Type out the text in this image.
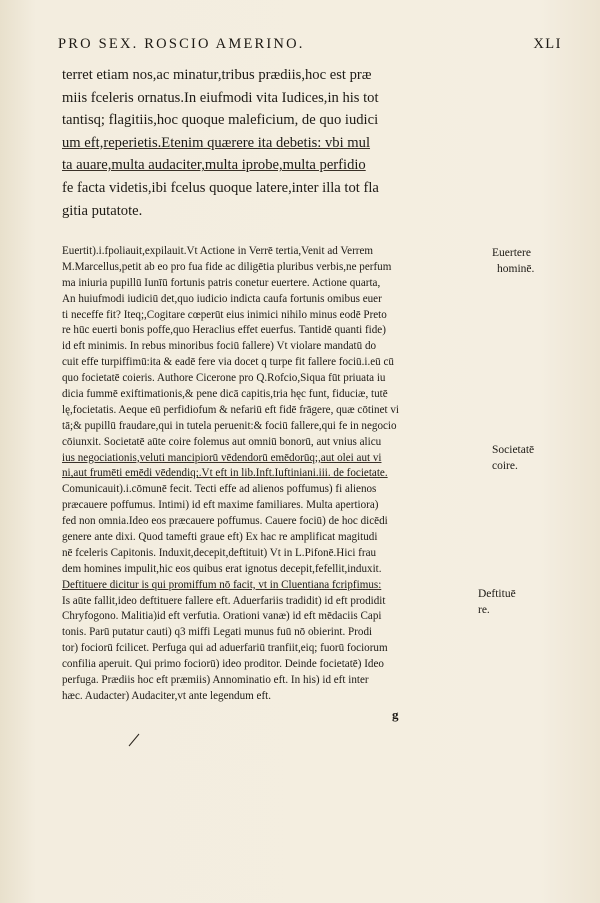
PRO SEX. ROSCIO AMERINO.	XLI
terret etiam nos,ac minatur,tribus prædiis,hoc est præ
miis fceleris ornatus.In eiufmodi vita Iudices,in his tot
tantisq; flagitiis,hoc quoque maleficium, de quo iudici
um eft,reperietis.Etenim quærere ita debetis: vbi mul
ta auare,multa audaciter,multa iprobe,multa perfidio
fe facta videtis,ibi fcelus quoque latere,inter illa tot fla
gitia putatote.
Euertit).i.fpoliauit,expilauit.Vt Actione in Verrē tertia,Venit ad Verrem
M.Marcellus,petit ab eo pro fua fide ac diligētia pluribus verbis,ne perfum
ma iniuria pupillū Iunīū fortunis patris conetur euertere. Actione quarta,
An huiufmodi iudiciū det,quo iudicio indicta caufa fortunis omibus euer
ti neceffe fit? Iteq;,Cogitare cœperūt eius inimici nihilo minus eodē Preto
re hūc euerti bonis poffe,quo Heraclius effet euerfus. Tantidē quanti fide)
id eft minimis. In rebus minoribus fociū fallere) Vt violare mandatū do
cuit effe turpiffimū:ita & eadē fere via docet q turpe fit fallere fociū.i.eū cū
quo focietatē coieris. Authore Cicerone pro Q.Rofcio,Siqua fūt priuata iu
dicia fummē exiftimationis,& pene dicā capitis,tria hęc funt, fiduciæ, tutē
lę,focietatis. Aeque eū perfidiofum & nefariū eft fidē frāgere, quæ cōtinet vi
tā;& pupillū fraudare,qui in tutela peruenit:& fociū fallere,qui fe in negocio
cōiunxit. Societatē aūte coire folemus aut omniū bonorū, aut vnius alicu
ius negociationis,veluti mancipiorū vēdendorū emēdorūq;,aut olei aut vi
ni,aut frumēti emēdi vēdendiq;.Vt eft in lib.Inft.Iuftiniani.iii. de focietate.
Comunicauit).i.cōmunē fecit. Tecti effe ad alienos poffumus) fi alienos
præcauere poffumus. Intimi) id eft maxime familiares. Multa apertiora)
fed non omnia.Ideo eos præcauere poffumus. Cauere fociū) de hoc dicēdi
genere ante dixi. Quod tamefti graue eft) Ex hac re amplificat magitudi
nē fceleris Capitonis. Induxit,decepit,deftituit) Vt in L.Pifonē.Hici frau
dem homines impulit,hic eos quibus erat ignotus decepit,fefellit,induxit.
Deftituere dicitur is qui promiffum nō facit, vt in Cluentiana fcripfimus:
Is aūte fallit,ideo deftituere fallere eft. Aduerfariis tradidit) id eft prodidit
Chryfogono. Malitia)id eft verfutia. Orationi vanæ) id eft mēdaciis Capi
tonis. Parū putatur cauti) q3 miffi Legati munus fuū nō obierint. Prodi
tor) fociorū fcilicet. Perfuga qui ad aduerfariū tranfiit,eiq; fuorū fociorum
confilia aperuit. Qui primo fociorū) ideo proditor. Deinde focietatē) Ideo
perfuga. Prædiis hoc eft præmiis) Annominatio eft. In his) id eft inter
hæc. Audacter) Audaciter,vt ante legendum eft.
Euertere
hominē.
Societatē
coire.
Deftituē
re.
g
